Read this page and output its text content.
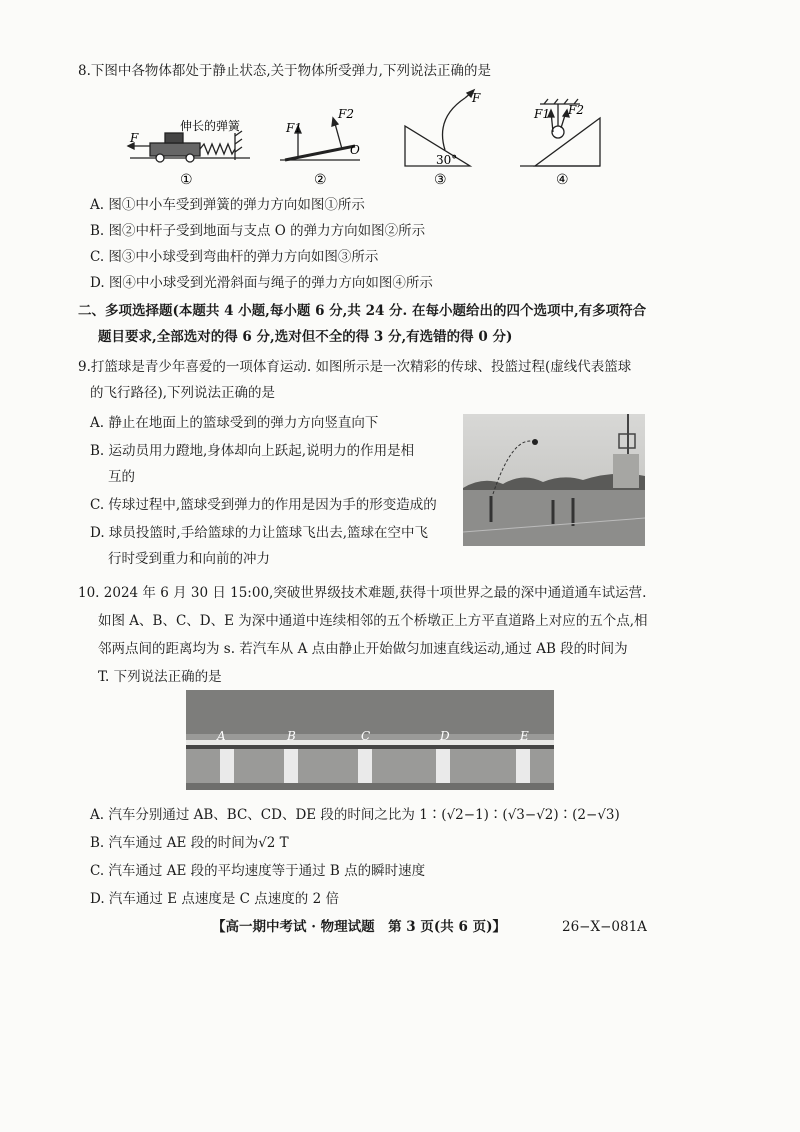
8.下图中各物体都处于静止状态,关于物体所受弹力,下列说法正确的是
伸长的弹簧
F
F1
F2
O
30°
F
F1 F2
①	②	③	④
A. 图①中小车受到弹簧的弹力方向如图①所示
B. 图②中杆子受到地面与支点 O 的弹力方向如图②所示
C. 图③中小球受到弯曲杆的弹力方向如图③所示
D. 图④中小球受到光滑斜面与绳子的弹力方向如图④所示
二、多项选择题(本题共 4 小题,每小题 6 分,共 24 分. 在每小题给出的四个选项中,有多项符合
题目要求,全部选对的得 6 分,选对但不全的得 3 分,有选错的得 0 分)
9.打篮球是青少年喜爱的一项体育运动. 如图所示是一次精彩的传球、投篮过程(虚线代表篮球
的飞行路径),下列说法正确的是
A. 静止在地面上的篮球受到的弹力方向竖直向下
B. 运动员用力蹬地,身体却向上跃起,说明力的作用是相
互的
C. 传球过程中,篮球受到弹力的作用是因为手的形变造成的
D. 球员投篮时,手给篮球的力让篮球飞出去,篮球在空中飞
行时受到重力和向前的冲力
10. 2024 年 6 月 30 日 15:00,突破世界级技术难题,获得十项世界之最的深中通道通车试运营.
如图 A、B、C、D、E 为深中通道中连续相邻的五个桥墩正上方平直道路上对应的五个点,相
邻两点间的距离均为 s. 若汽车从 A 点由静止开始做匀加速直线运动,通过 AB 段的时间为
T. 下列说法正确的是
A	B	C	D	E
A. 汽车分别通过 AB、BC、CD、DE 段的时间之比为 1∶(√2−1)∶(√3−√2)∶(2−√3)
B. 汽车通过 AE 段的时间为√2 T
C. 汽车通过 AE 段的平均速度等于通过 B 点的瞬时速度
D. 汽车通过 E 点速度是 C 点速度的 2 倍
【高一期中考试 · 物理试题　第 3 页(共 6 页)】	26−X−081A
